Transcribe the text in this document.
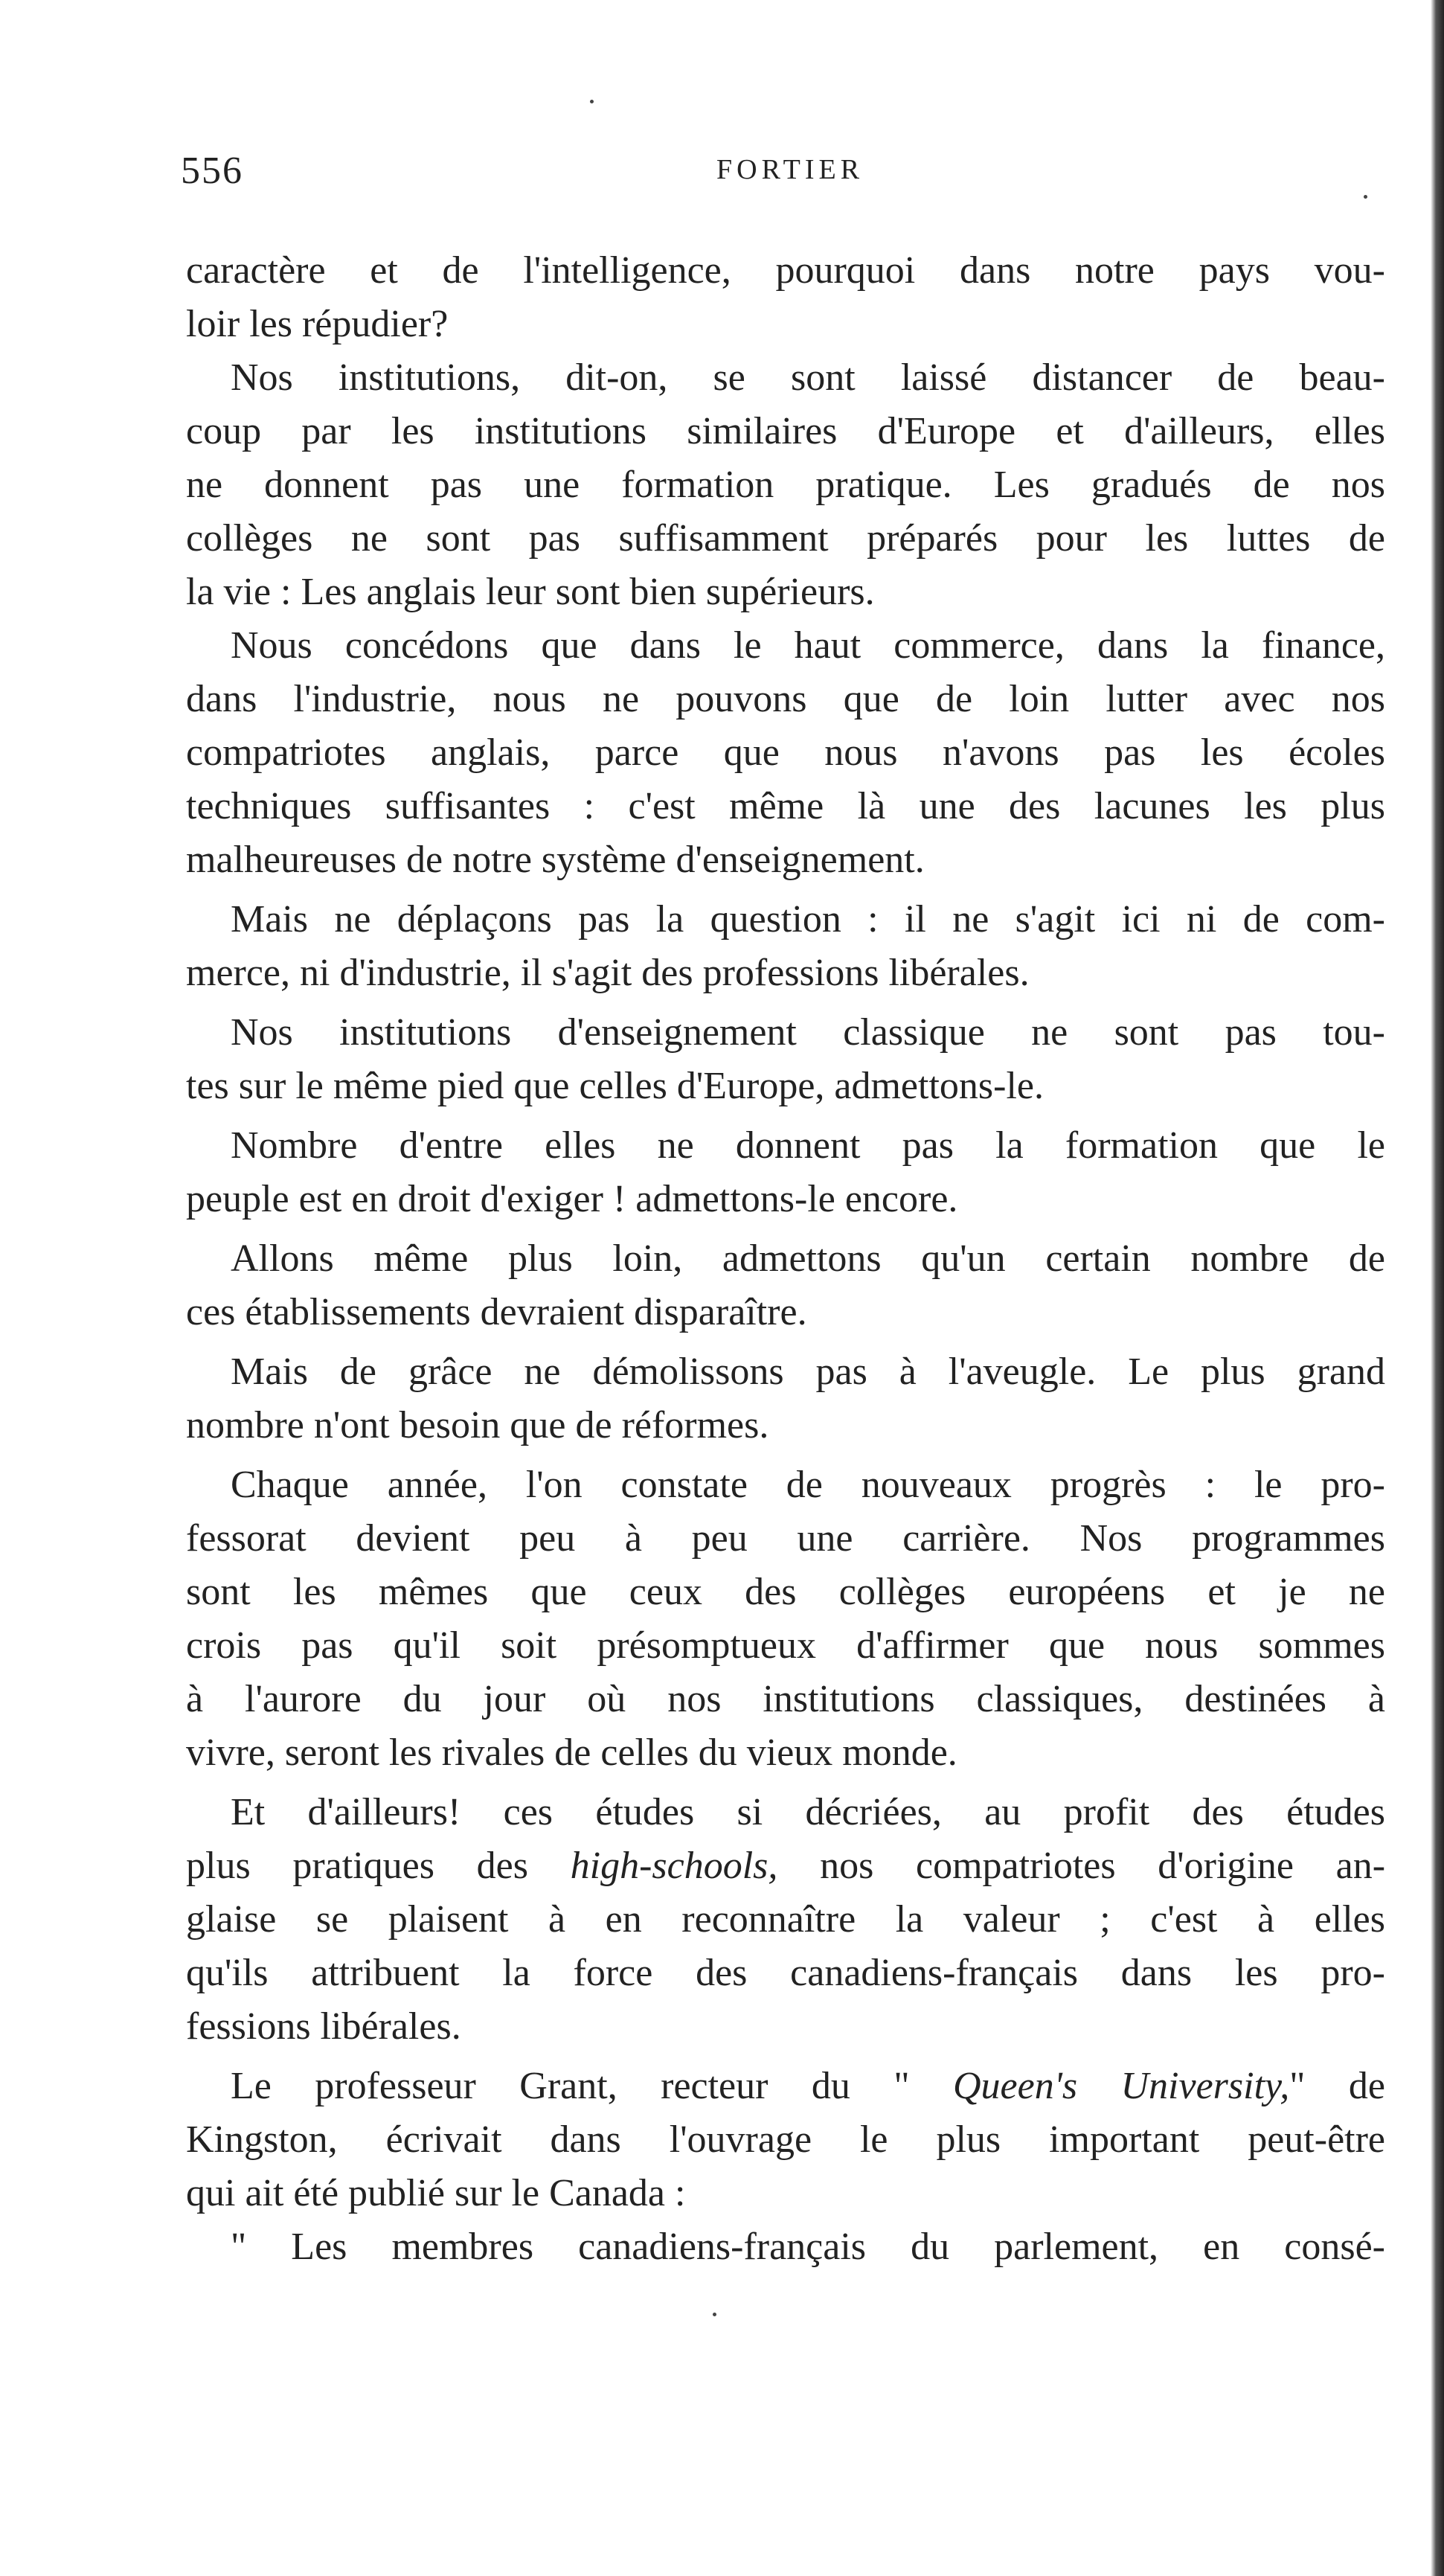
556	FORTIER
caractère et de l'intelligence, pourquoi dans notre pays vou-
loir les répudier?
Nos institutions, dit-on, se sont laissé distancer de beau-
coup par les institutions similaires d'Europe et d'ailleurs, elles
ne donnent pas une formation pratique. Les gradués de nos
collèges ne sont pas suffisamment préparés pour les luttes de
la vie : Les anglais leur sont bien supérieurs.
Nous concédons que dans le haut commerce, dans la finance,
dans l'industrie, nous ne pouvons que de loin lutter avec nos
compatriotes anglais, parce que nous n'avons pas les écoles
techniques suffisantes : c'est même là une des lacunes les plus
malheureuses de notre système d'enseignement.
Mais ne déplaçons pas la question : il ne s'agit ici ni de com-
merce, ni d'industrie, il s'agit des professions libérales.
Nos institutions d'enseignement classique ne sont pas tou-
tes sur le même pied que celles d'Europe, admettons-le.
Nombre d'entre elles ne donnent pas la formation que le
peuple est en droit d'exiger ! admettons-le encore.
Allons même plus loin, admettons qu'un certain nombre de
ces établissements devraient disparaître.
Mais de grâce ne démolissons pas à l'aveugle. Le plus grand
nombre n'ont besoin que de réformes.
Chaque année, l'on constate de nouveaux progrès : le pro-
fessorat devient peu à peu une carrière. Nos programmes
sont les mêmes que ceux des collèges européens et je ne
crois pas qu'il soit présomptueux d'affirmer que nous sommes
à l'aurore du jour où nos institutions classiques, destinées à
vivre, seront les rivales de celles du vieux monde.
Et d'ailleurs! ces études si décriées, au profit des études
plus pratiques des high-schools, nos compatriotes d'origine an-
glaise se plaisent à en reconnaître la valeur ; c'est à elles
qu'ils attribuent la force des canadiens-français dans les pro-
fessions libérales.
Le professeur Grant, recteur du " Queen's University," de
Kingston, écrivait dans l'ouvrage le plus important peut-être
qui ait été publié sur le Canada :
" Les membres canadiens-français du parlement, en consé-
